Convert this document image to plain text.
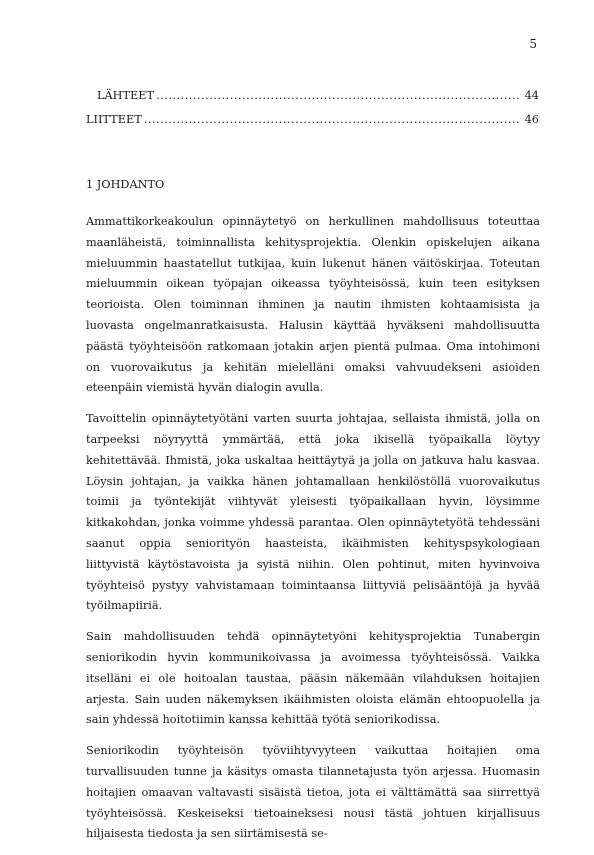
5
LÄHTEET .....	44
LIITTEET .....	46
1 JOHDANTO

Ammattikorkeakoulun opinnäytetyö on herkullinen mahdollisuus toteuttaa maanläheistä, toiminnallista kehitysprojektia. Olenkin opiskelujen aikana mieluummin haastatellut tutkijaa, kuin lukenut hänen väitöskirjaa. Toteutan mieluummin oikean työpajan oikeassa työyhteisössä, kuin teen esityksen teorioista. Olen toiminnan ihminen ja nautin ihmisten kohtaamisista ja luovasta ongelmanratkaisusta. Halusin käyttää hyväkseni mahdollisuutta päästä työyhteisöön ratkomaan jotakin arjen pientä pulmaa. Oma intohimoni on vuorovaikutus ja kehitän mielelläni omaksi vahvuudekseni asioiden eteenpäin viemistä hyvän dialogin avulla.

Tavoittelin opinnäytetyötäni varten suurta johtajaa, sellaista ihmistä, jolla on tarpeeksi nöyryyttä ymmärtää, että joka ikisellä työpaikalla löytyy kehitettävää. Ihmistä, joka uskaltaa heittäytyä ja jolla on jatkuva halu kasvaa. Löysin johtajan, ja vaikka hänen johtamallaan henkilöstöllä vuorovaikutus toimii ja työntekijät viihtyvät yleisesti työpaikallaan hyvin, löysimme kitkakohdan, jonka voimme yhdessä parantaa. Olen opinnäytetyötä tehdessäni saanut oppia seniorityön haasteista, ikäihmisten kehityspsykologiaan liittyvistä käytöstavoista ja syistä niihin. Olen pohtinut, miten hyvinvoiva työyhteisö pystyy vahvistamaan toimintaansa liittyviä pelisääntöjä ja hyvää työilmapiiriä.

Sain mahdollisuuden tehdä opinnäytetyöni kehitysprojektia Tunabergin seniorikodin hyvin kommunikoivassa ja avoimessa työyhteisössä. Vaikka itselläni ei ole hoitoalan taustaa, pääsin näkemään vilahduksen hoitajien arjesta. Sain uuden näkemyksen ikäihmisten oloista elämän ehtoopuolella ja sain yhdessä hoitotiimin kanssa kehittää työtä seniorikodissa.

Seniorikodin työyhteisön työviihtyvyyteen vaikuttaa hoitajien oma turvallisuuden tunne ja käsitys omasta tilannetajusta työn arjessa. Huomasin hoitajien omaavan valtavasti sisäistä tietoa, jota ei välttämättä saa siirrettyä työyhteisössä. Keskeiseksi tietoaineksesi nousi tästä johtuen kirjallisuus hiljaisesta tiedosta ja sen siirtämisestä se-
